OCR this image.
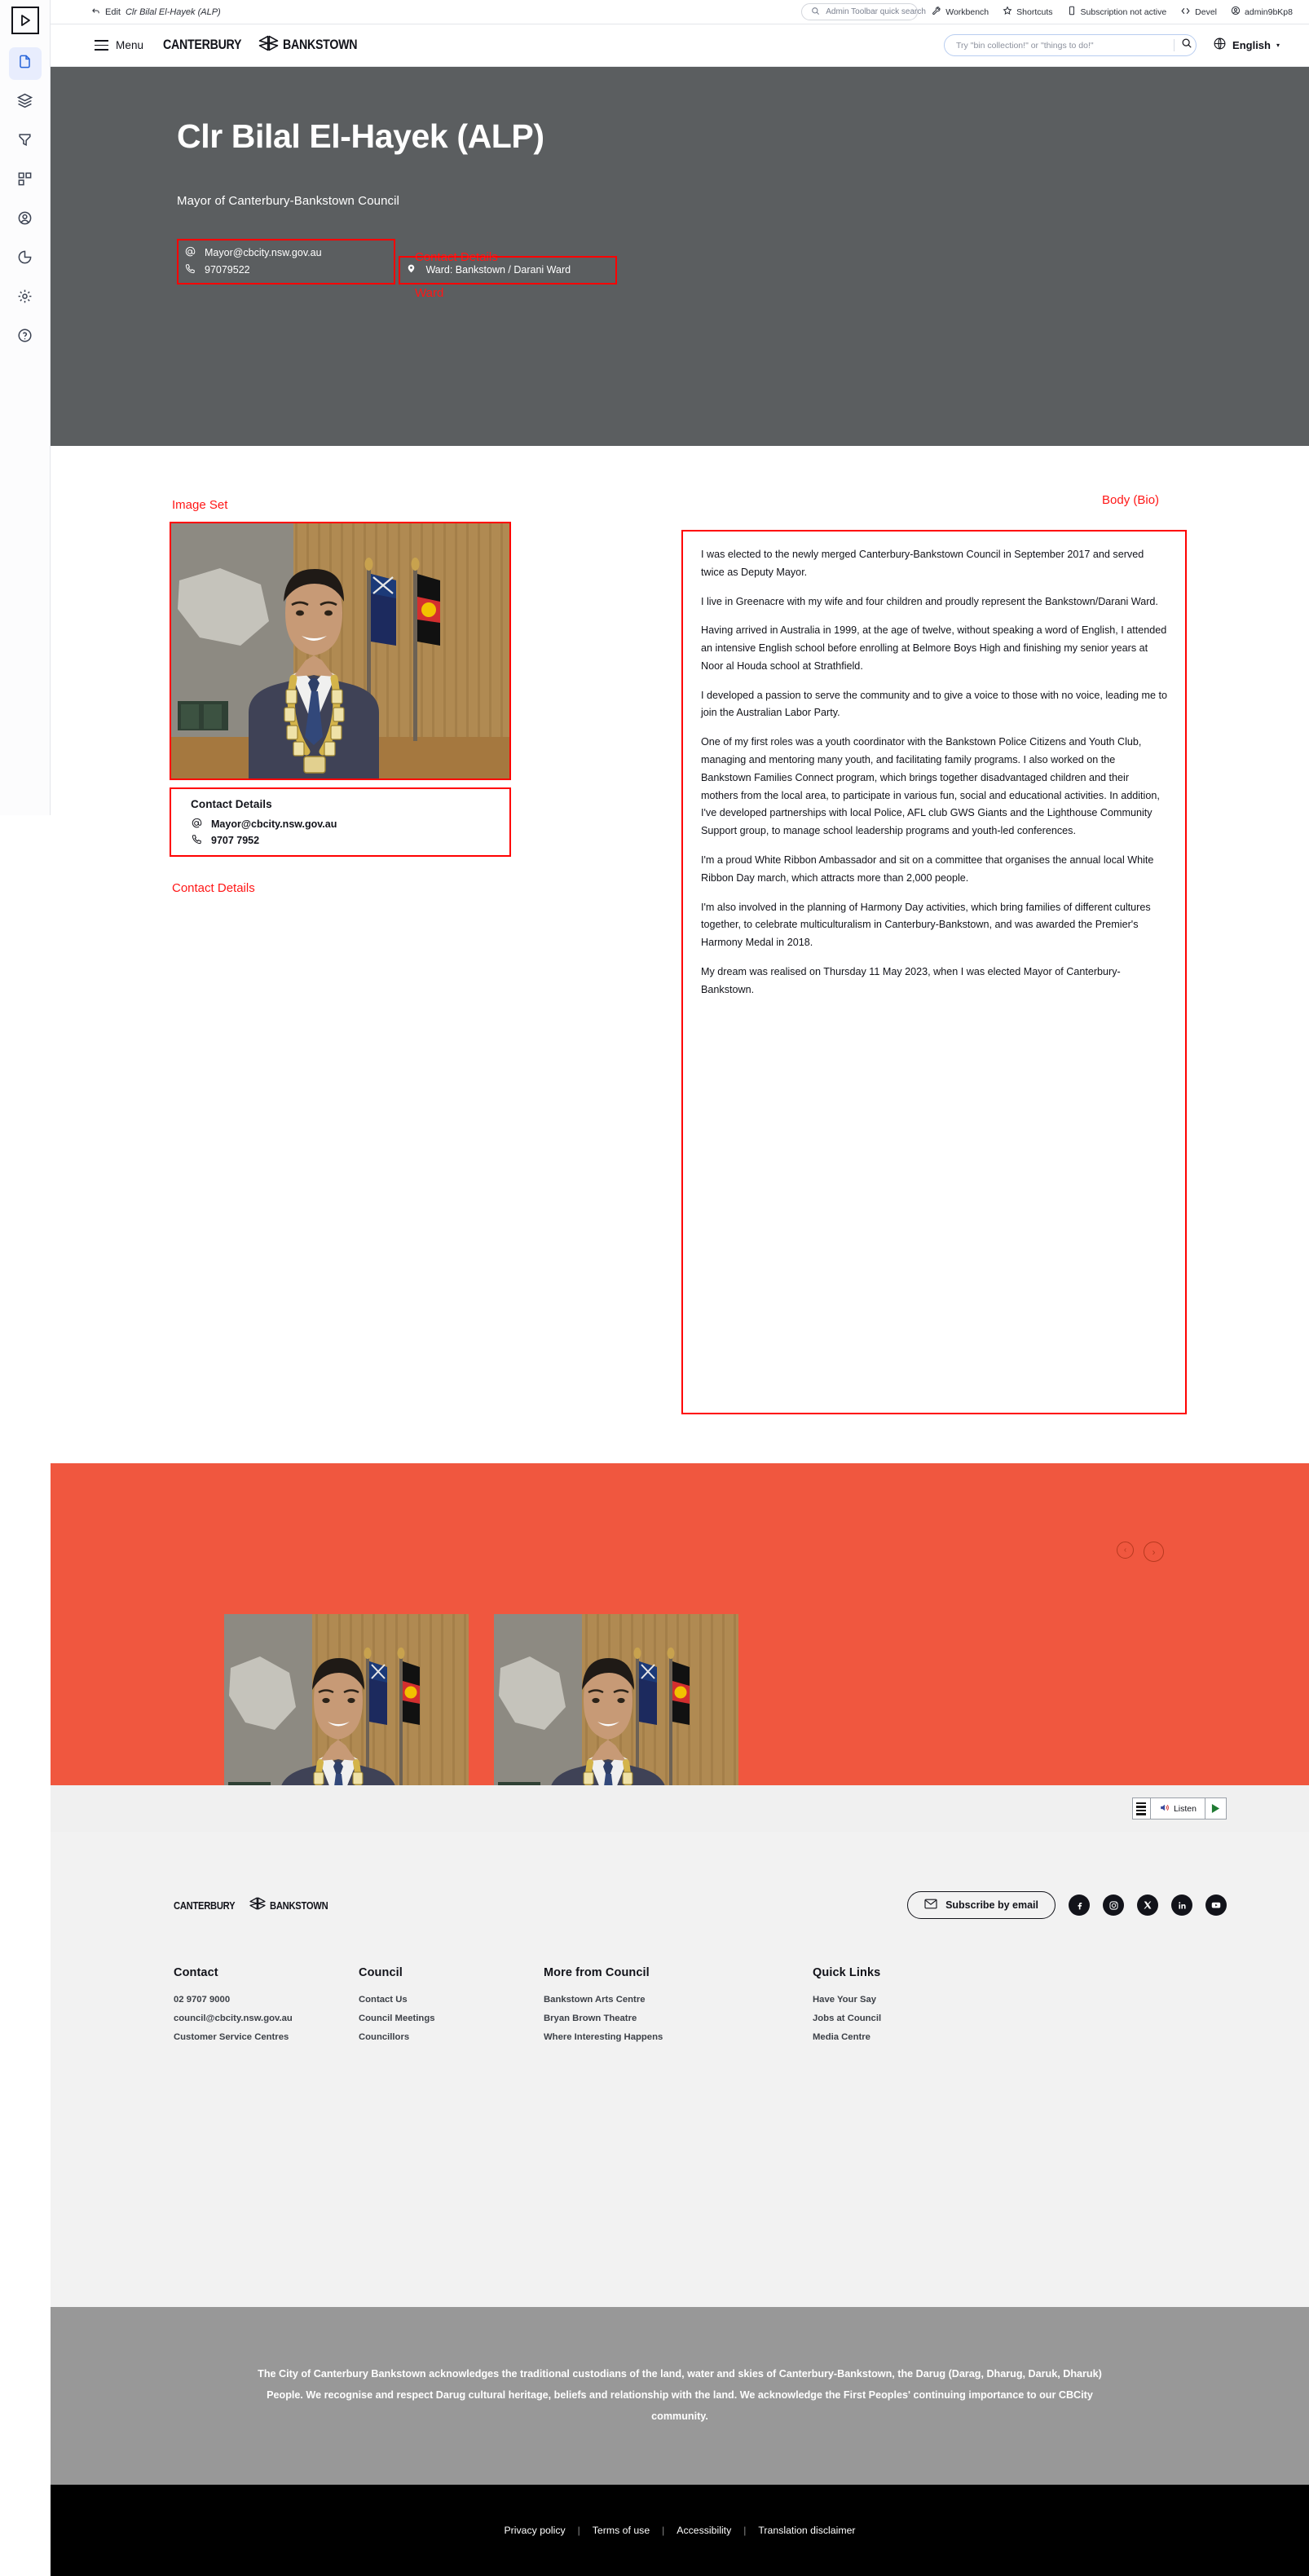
Edit Clr Bilal El-Hayek (ALP)	Admin Toolbar quick search Workbench	Shortcuts	Subscription not active	Devel	admin9bKp8
Menu CANTERBURY	BANKSTOWN	Try "bin collection!" or "things to do!"	English ▾
Clr Bilal El-Hayek (ALP)
Mayor of Canterbury-Bankstown Council
Mayor@cbcity.nsw.gov.au
97079522
	Ward: Bankstown / Darani Ward
Contact Details
Ward
Image Set	Body (Bio)
Contact Details
Contact Details
Mayor@cbcity.nsw.gov.au
9707 7952

I was elected to the newly merged Canterbury-Bankstown Council in September 2017 and served twice as Deputy Mayor.

I live in Greenacre with my wife and four children and proudly represent the Bankstown/Darani Ward.

Having arrived in Australia in 1999, at the age of twelve, without speaking a word of English, I attended an intensive English school before enrolling at Belmore Boys High and finishing my senior years at Noor al Houda school at Strathfield.

I developed a passion to serve the community and to give a voice to those with no voice, leading me to join the Australian Labor Party.

One of my first roles was a youth coordinator with the Bankstown Police Citizens and Youth Club, managing and mentoring many youth, and facilitating family programs. I also worked on the Bankstown Families Connect program, which brings together disadvantaged children and their mothers from the local area, to participate in various fun, social and educational activities. In addition, I've developed partnerships with local Police, AFL club GWS Giants and the Lighthouse Community Support group, to manage school leadership programs and youth-led conferences.

I'm a proud White Ribbon Ambassador and sit on a committee that organises the annual local White Ribbon Day march, which attracts more than 2,000 people.

I'm also involved in the planning of Harmony Day activities, which bring families of different cultures together, to celebrate multiculturalism in Canterbury-Bankstown, and was awarded the Premier's Harmony Medal in 2018.

My dream was realised on Thursday 11 May 2023, when I was elected Mayor of Canterbury-Bankstown.

‹	›
Listen
CANTERBURY	BANKSTOWN	Subscribe by email
Contact
02 9707 9000
council@cbcity.nsw.gov.au
Customer Service Centres
Council
Contact Us
Council Meetings
Councillors
More from Council
Bankstown Arts Centre
Bryan Brown Theatre
Where Interesting Happens
Quick Links
Have Your Say
Jobs at Council
Media Centre

The City of Canterbury Bankstown acknowledges the traditional custodians of the land, water and skies of Canterbury-Bankstown, the Darug (Darag, Dharug, Daruk, Dharuk) People. We recognise and respect Darug cultural heritage, beliefs and relationship with the land. We acknowledge the First Peoples' continuing importance to our CBCity community.

Privacy policy | Terms of use | Accessibility | Translation disclaimer
